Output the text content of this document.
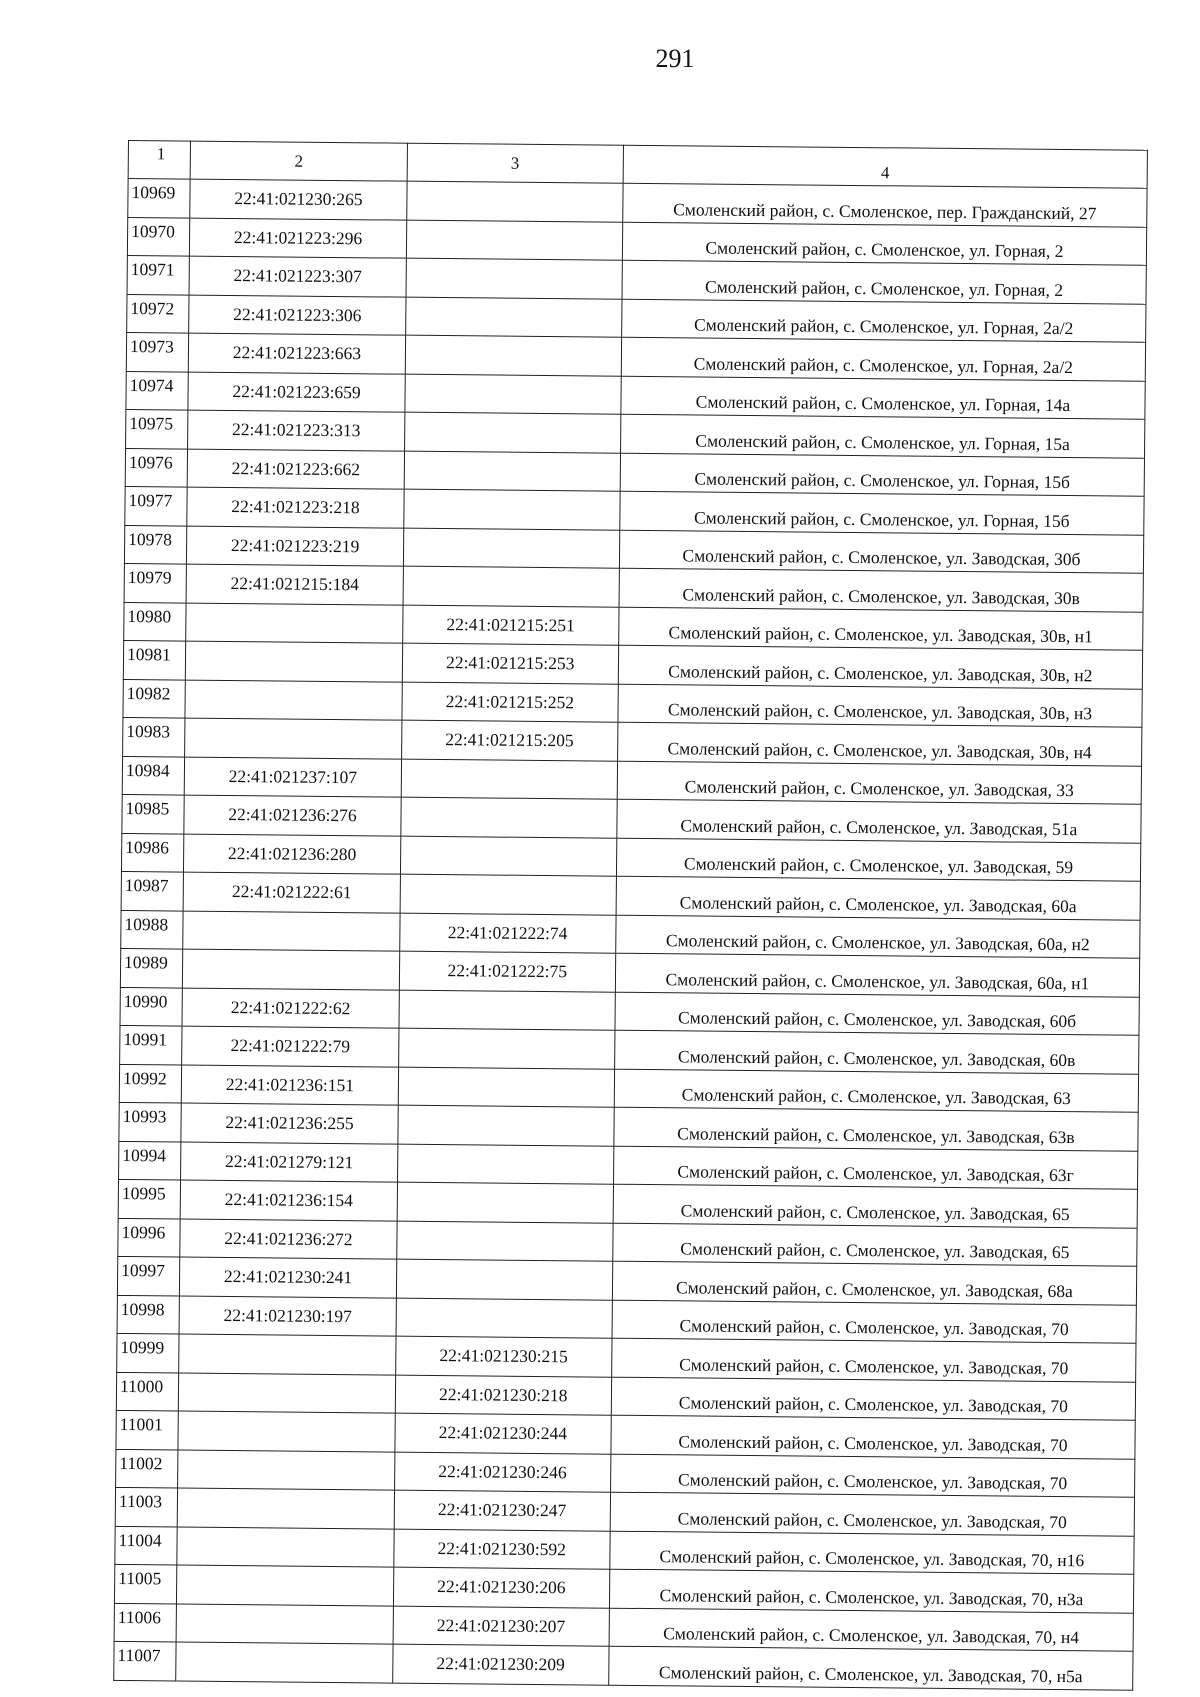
291
1	2	3	4
10969	22:41:021230:265		Смоленский район, с. Смоленское, пер. Гражданский, 27
10970	22:41:021223:296		Смоленский район, с. Смоленское, ул. Горная, 2
10971	22:41:021223:307		Смоленский район, с. Смоленское, ул. Горная, 2
10972	22:41:021223:306		Смоленский район, с. Смоленское, ул. Горная, 2а/2
10973	22:41:021223:663		Смоленский район, с. Смоленское, ул. Горная, 2а/2
10974	22:41:021223:659		Смоленский район, с. Смоленское, ул. Горная, 14а
10975	22:41:021223:313		Смоленский район, с. Смоленское, ул. Горная, 15а
10976	22:41:021223:662		Смоленский район, с. Смоленское, ул. Горная, 15б
10977	22:41:021223:218		Смоленский район, с. Смоленское, ул. Горная, 15б
10978	22:41:021223:219		Смоленский район, с. Смоленское, ул. Заводская, 30б
10979	22:41:021215:184		Смоленский район, с. Смоленское, ул. Заводская, 30в
10980		22:41:021215:251	Смоленский район, с. Смоленское, ул. Заводская, 30в, н1
10981		22:41:021215:253	Смоленский район, с. Смоленское, ул. Заводская, 30в, н2
10982		22:41:021215:252	Смоленский район, с. Смоленское, ул. Заводская, 30в, н3
10983		22:41:021215:205	Смоленский район, с. Смоленское, ул. Заводская, 30в, н4
10984	22:41:021237:107		Смоленский район, с. Смоленское, ул. Заводская, 33
10985	22:41:021236:276		Смоленский район, с. Смоленское, ул. Заводская, 51а
10986	22:41:021236:280		Смоленский район, с. Смоленское, ул. Заводская, 59
10987	22:41:021222:61		Смоленский район, с. Смоленское, ул. Заводская, 60а
10988		22:41:021222:74	Смоленский район, с. Смоленское, ул. Заводская, 60а, н2
10989		22:41:021222:75	Смоленский район, с. Смоленское, ул. Заводская, 60а, н1
10990	22:41:021222:62		Смоленский район, с. Смоленское, ул. Заводская, 60б
10991	22:41:021222:79		Смоленский район, с. Смоленское, ул. Заводская, 60в
10992	22:41:021236:151		Смоленский район, с. Смоленское, ул. Заводская, 63
10993	22:41:021236:255		Смоленский район, с. Смоленское, ул. Заводская, 63в
10994	22:41:021279:121		Смоленский район, с. Смоленское, ул. Заводская, 63г
10995	22:41:021236:154		Смоленский район, с. Смоленское, ул. Заводская, 65
10996	22:41:021236:272		Смоленский район, с. Смоленское, ул. Заводская, 65
10997	22:41:021230:241		Смоленский район, с. Смоленское, ул. Заводская, 68а
10998	22:41:021230:197		Смоленский район, с. Смоленское, ул. Заводская, 70
10999		22:41:021230:215	Смоленский район, с. Смоленское, ул. Заводская, 70
11000		22:41:021230:218	Смоленский район, с. Смоленское, ул. Заводская, 70
11001		22:41:021230:244	Смоленский район, с. Смоленское, ул. Заводская, 70
11002		22:41:021230:246	Смоленский район, с. Смоленское, ул. Заводская, 70
11003		22:41:021230:247	Смоленский район, с. Смоленское, ул. Заводская, 70
11004		22:41:021230:592	Смоленский район, с. Смоленское, ул. Заводская, 70, н16
11005		22:41:021230:206	Смоленский район, с. Смоленское, ул. Заводская, 70, н3а
11006		22:41:021230:207	Смоленский район, с. Смоленское, ул. Заводская, 70, н4
11007		22:41:021230:209	Смоленский район, с. Смоленское, ул. Заводская, 70, н5а
